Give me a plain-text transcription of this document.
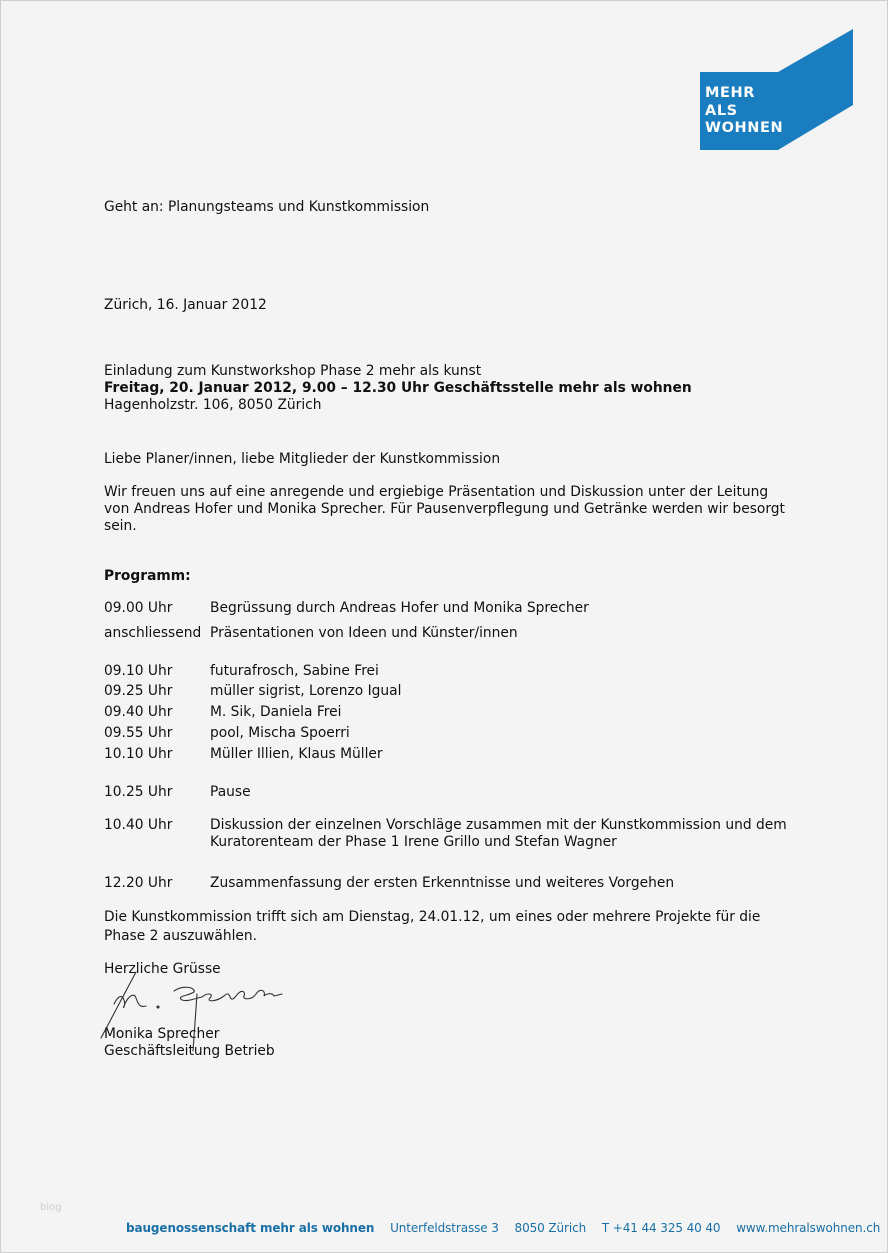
MEHR
ALS
WOHNEN
Geht an: Planungsteams und Kunstkommission
Zürich, 16. Januar 2012
Einladung zum Kunstworkshop Phase 2 mehr als kunst
Freitag, 20. Januar 2012, 9.00 – 12.30 Uhr Geschäftsstelle mehr als wohnen
Hagenholzstr. 106, 8050 Zürich
Liebe Planer/innen, liebe Mitglieder der Kunstkommission
Wir freuen uns auf eine anregende und ergiebige Präsentation und Diskussion unter der Leitung
von Andreas Hofer und Monika Sprecher. Für Pausenverpflegung und Getränke werden wir besorgt
sein.
Programm:
09.00 Uhr	Begrüssung durch Andreas Hofer und Monika Sprecher
anschliessend Präsentationen von Ideen und Künster/innen
09.10 Uhr	futurafrosch, Sabine Frei
09.25 Uhr	müller sigrist, Lorenzo Igual
09.40 Uhr	M. Sik, Daniela Frei
09.55 Uhr	pool, Mischa Spoerri
10.10 Uhr	Müller Illien, Klaus Müller
10.25 Uhr	Pause
10.40 Uhr	Diskussion der einzelnen Vorschläge zusammen mit der Kunstkommission und dem
Kuratorenteam der Phase 1 Irene Grillo und Stefan Wagner
12.20 Uhr	Zusammenfassung der ersten Erkenntnisse und weiteres Vorgehen
Die Kunstkommission trifft sich am Dienstag, 24.01.12, um eines oder mehrere Projekte für die
Phase 2 auszuwählen.
Herzliche Grüsse
Monika Sprecher
Geschäftsleitung Betrieb
blog
baugenossenschaft mehr als wohnen Unterfeldstrasse 3 8050 Zürich T +41 44 325 40 40 www.mehralswohnen.ch
